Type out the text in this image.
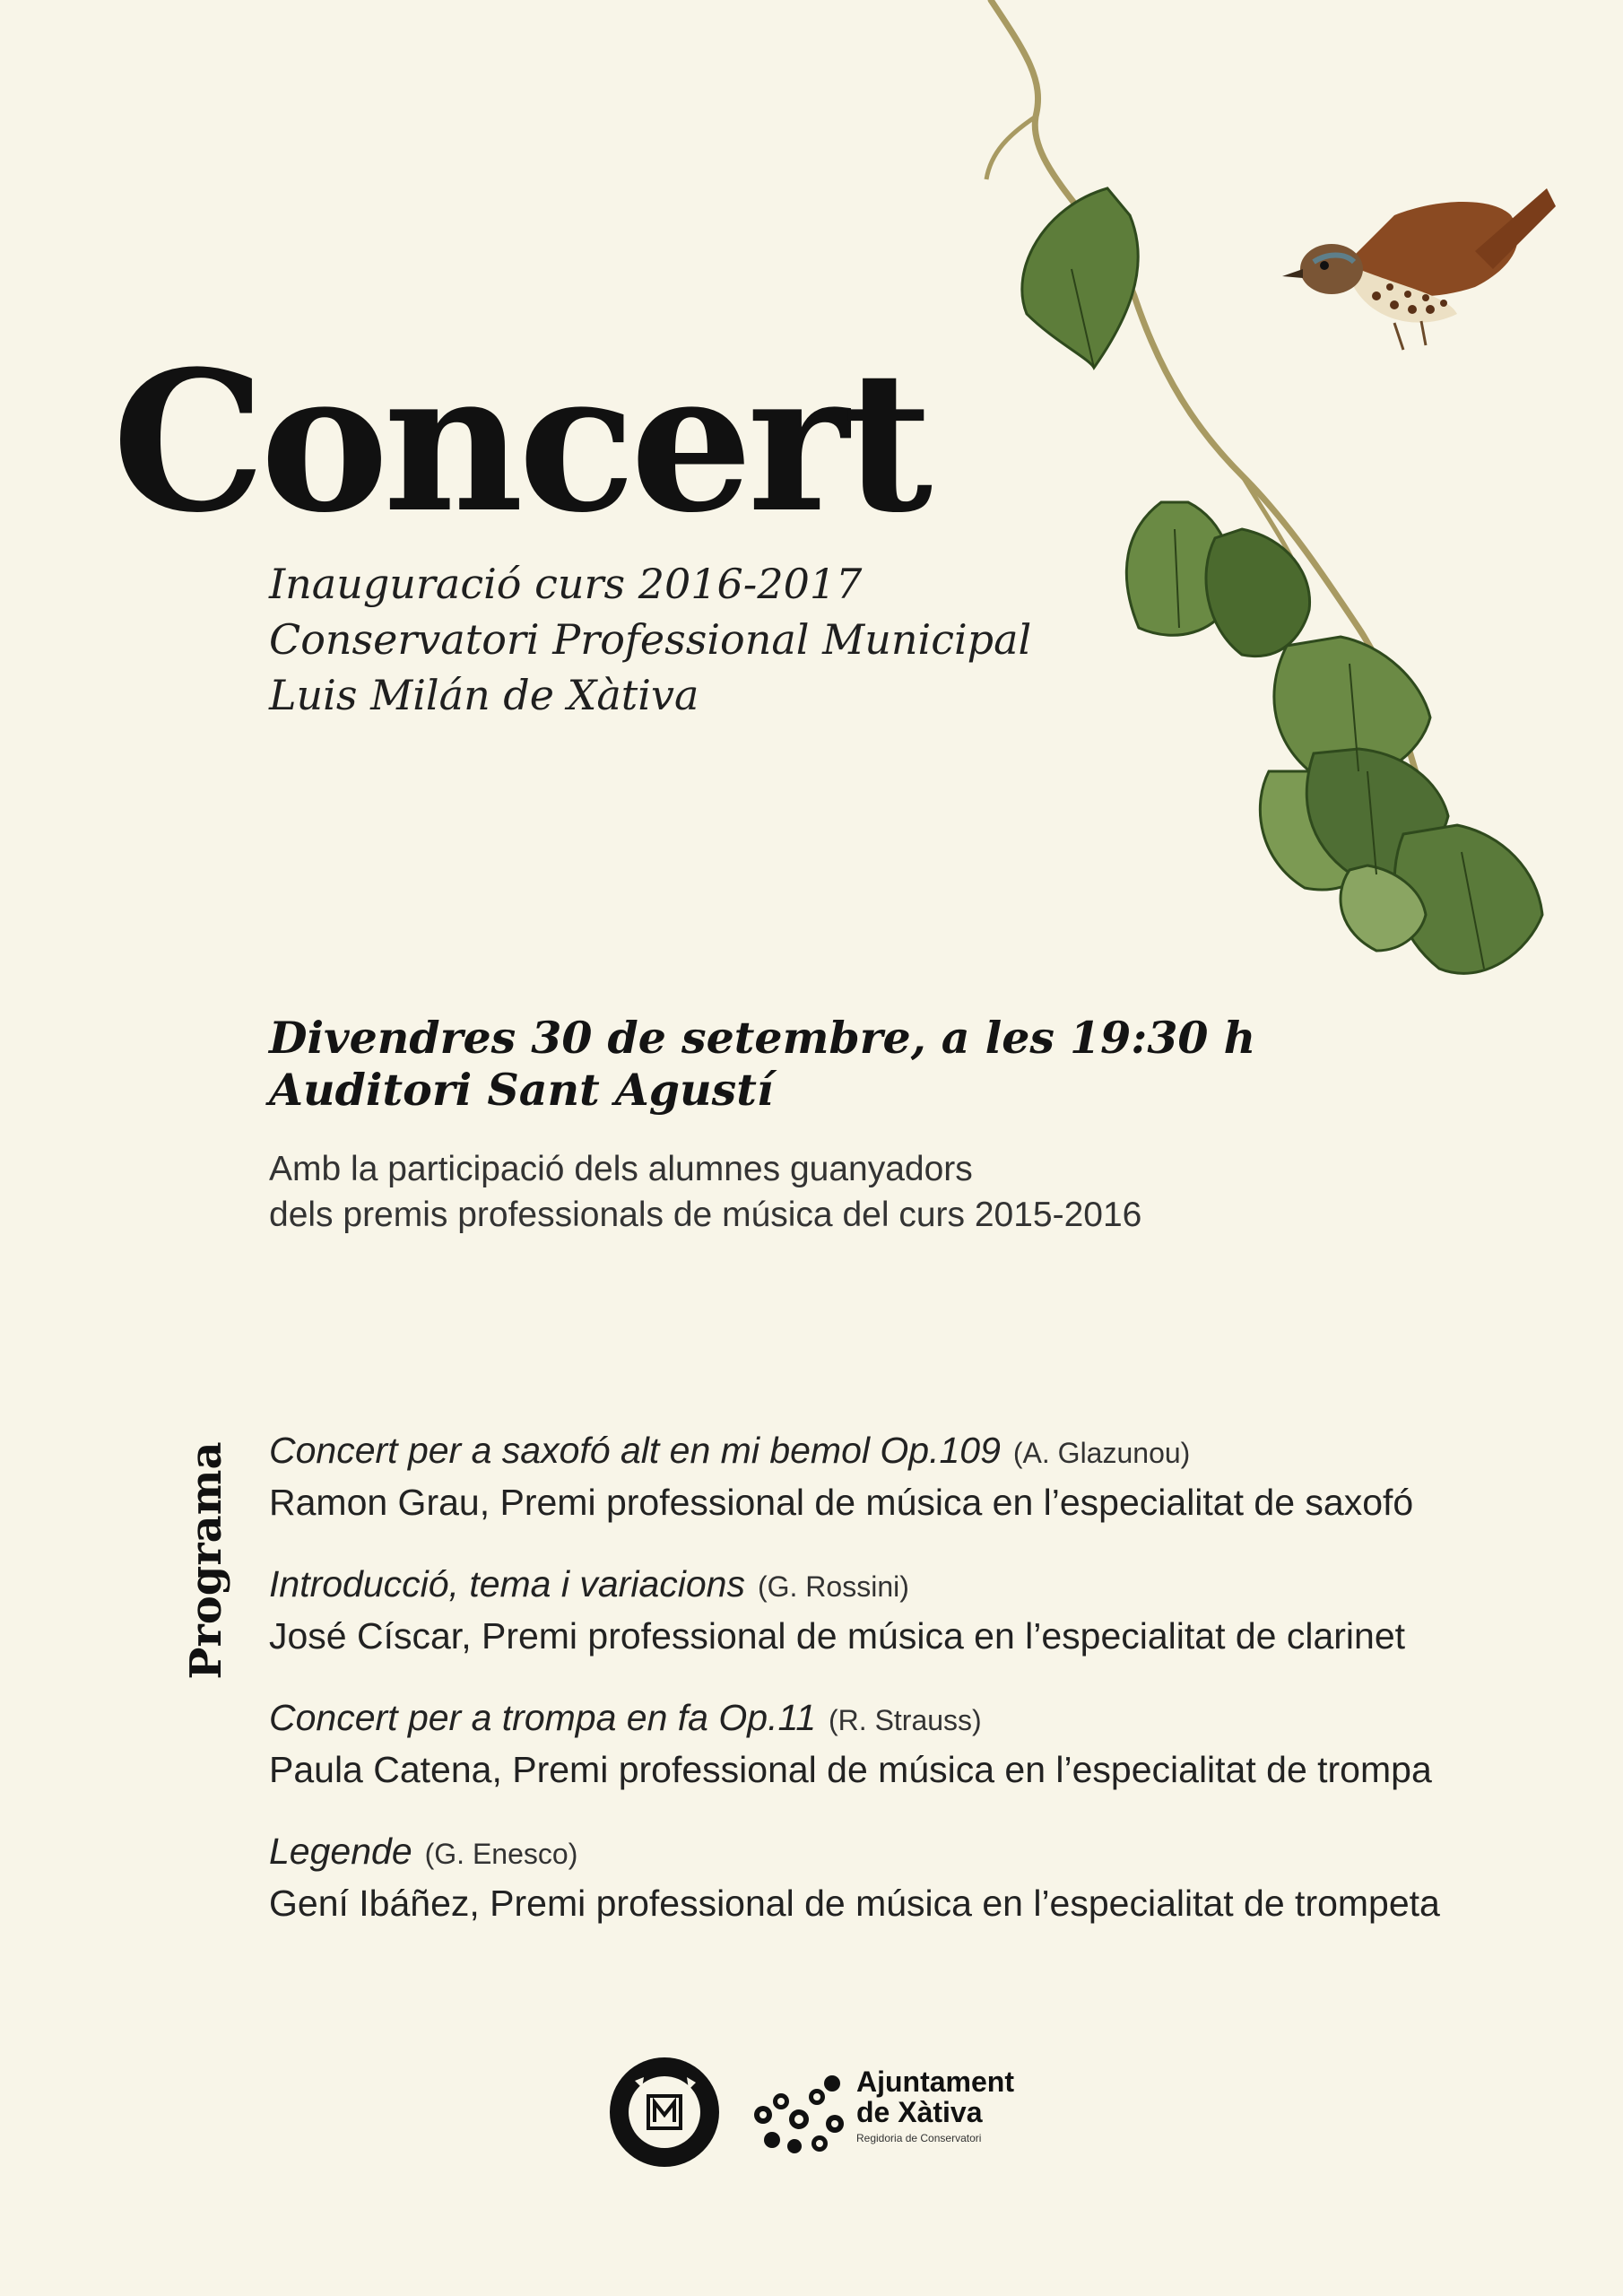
Concert
Inauguració curs 2016-2017
Conservatori Professional Municipal
Luis Milán de Xàtiva
Divendres 30 de setembre, a les 19:30 h
Auditori Sant Agustí
Amb la participació dels alumnes guanyadors
dels premis professionals de música del curs 2015-2016
Programa Concert per a saxofó alt en mi bemol Op.109 (A. Glazunou)
Ramon Grau, Premi professional de música en l’especialitat de saxofó
Introducció, tema i variacions (G. Rossini)
José Císcar, Premi professional de música en l’especialitat de clarinet
Concert per a trompa en fa Op.11 (R. Strauss)
Paula Catena, Premi professional de música en l’especialitat de trompa
Legende (G. Enesco)
Gení Ibáñez, Premi professional de música en l’especialitat de trompeta
Ajuntament
de Xàtiva
Regidoria de Conservatori
